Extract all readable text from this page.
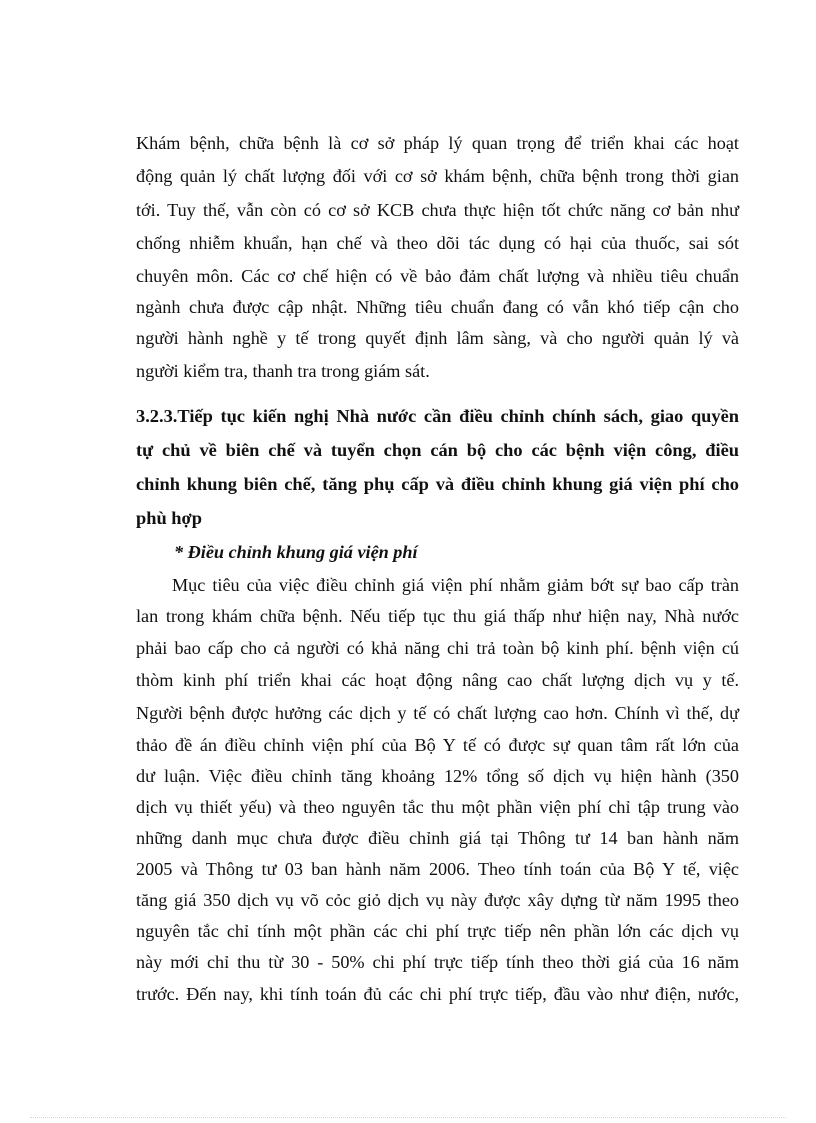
Khám bệnh, chữa bệnh là cơ sở pháp lý quan trọng để triển khai các hoạt
động quản lý chất lượng đối với cơ sở khám bệnh, chữa bệnh trong thời gian
tới. Tuy thế, vẫn còn có cơ sở KCB chưa thực hiện tốt chức năng cơ bản như
chống nhiễm khuẩn, hạn chế và theo dõi tác dụng có hại của thuốc, sai sót
chuyên môn. Các cơ chế hiện có về bảo đảm chất lượng và nhiều tiêu chuẩn
ngành chưa được cập nhật. Những tiêu chuẩn đang có vẫn khó tiếp cận cho
người hành nghề y tế trong quyết định lâm sàng, và cho người quản lý và
người kiểm tra, thanh tra trong giám sát.
3.2.3.Tiếp tục kiến nghị Nhà nước cần điều chỉnh chính sách, giao quyền
tự chủ về biên chế và tuyển chọn cán bộ cho các bệnh viện công, điều
chỉnh khung biên chế, tăng phụ cấp và điều chỉnh khung giá viện phí cho
phù hợp
* Điều chỉnh khung giá viện phí
Mục tiêu của việc điều chỉnh giá viện phí nhằm giảm bớt sự bao cấp tràn
lan trong khám chữa bệnh. Nếu tiếp tục thu giá thấp như hiện nay, Nhà nước
phải bao cấp cho cả người có khả năng chi trả toàn bộ kinh phí. bệnh viện cú
thòm kinh phí triển khai các hoạt động nâng cao chất lượng dịch vụ y tế.
Người bệnh được hưởng các dịch y tế có chất lượng cao hơn. Chính vì thế, dự
thảo đề án điều chỉnh viện phí của Bộ Y tế có được sự quan tâm rất lớn của
dư luận. Việc điều chỉnh tăng khoảng 12% tổng số dịch vụ hiện hành (350
dịch vụ thiết yếu) và theo nguyên tắc thu một phần viện phí chỉ tập trung vào
những danh mục chưa được điều chỉnh giá tại Thông tư 14 ban hành năm
2005 và Thông tư 03 ban hành năm 2006. Theo tính toán của Bộ Y tế, việc
tăng giá 350 dịch vụ võ cỏc giỏ dịch vụ này được xây dựng từ năm 1995 theo
nguyên tắc chỉ tính một phần các chi phí trực tiếp nên phần lớn các dịch vụ
này mới chỉ thu từ 30 - 50% chi phí trực tiếp tính theo thời giá của 16 năm
trước. Đến nay, khi tính toán đủ các chi phí trực tiếp, đầu vào như điện, nước,
